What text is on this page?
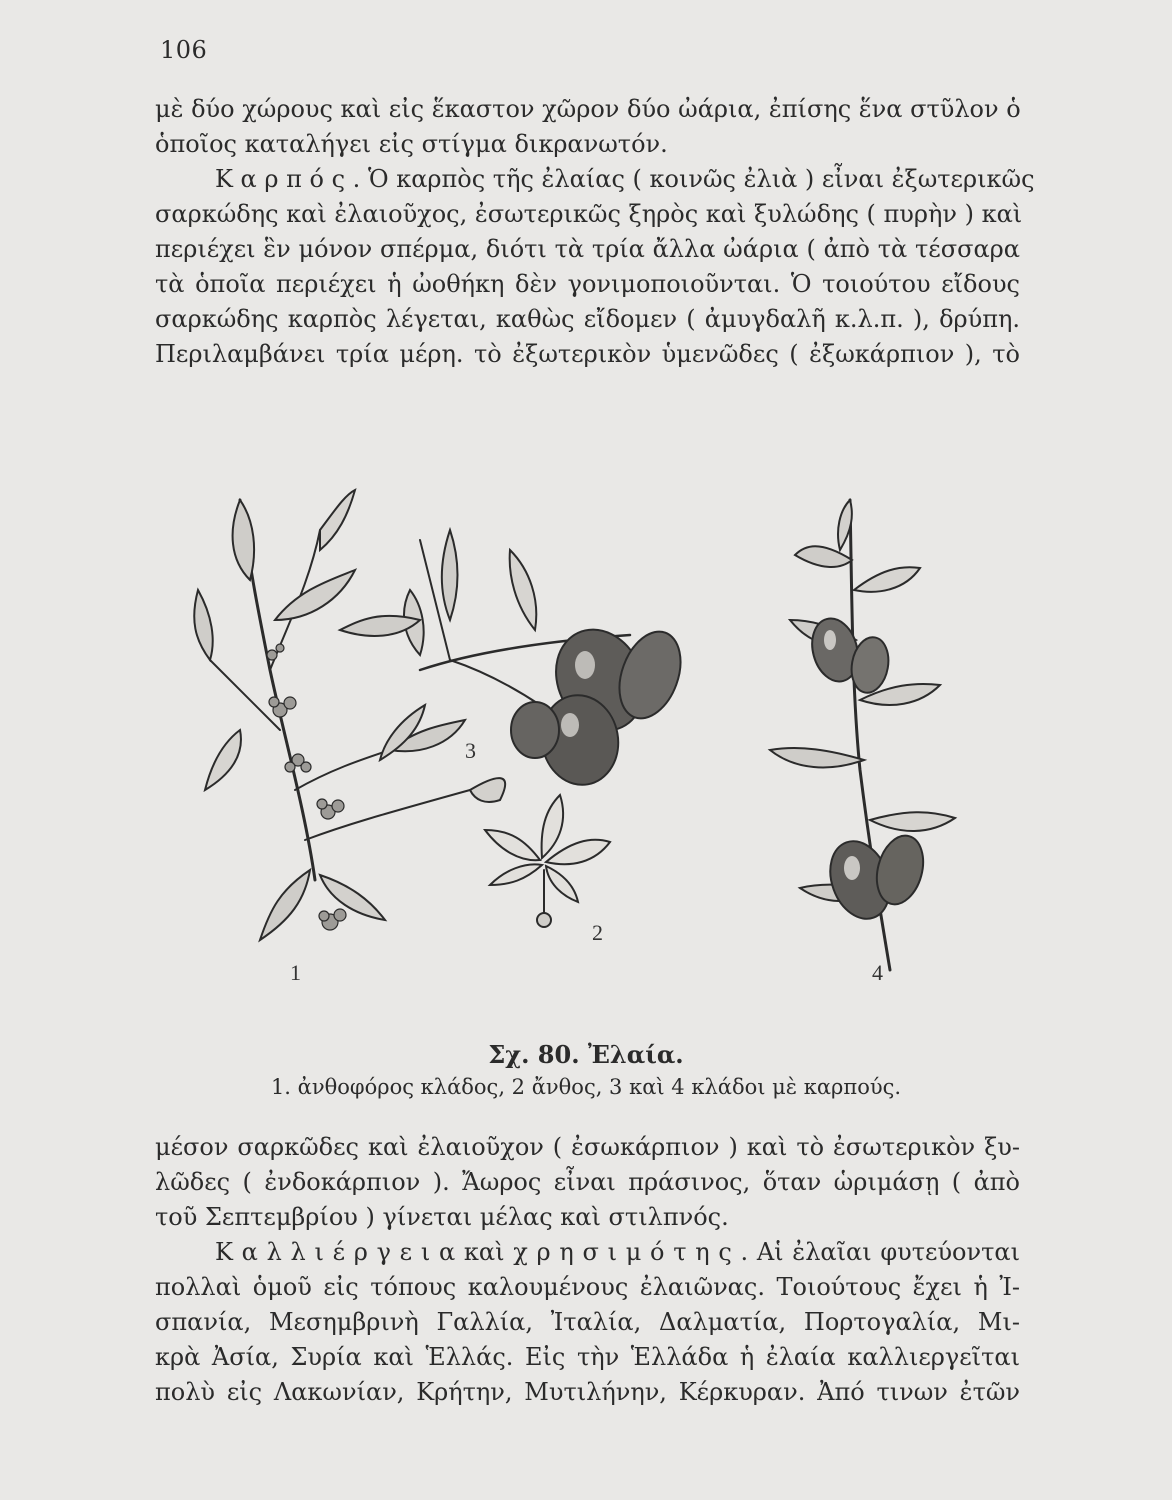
106
μὲ δύο χώρους καὶ εἰς ἕκαστον χῶρον δύο ὠάρια, ἐπίσης ἕνα στῦλον ὁ
ὁποῖος καταλήγει εἰς στίγμα δικρανωτόν.
Κ α ρ π ό ς . Ὁ καρπὸς τῆς ἐλαίας ( κοινῶς ἐλιὰ ) εἶναι ἐξωτερικῶς
σαρκώδης καὶ ἐλαιοῦχος, ἐσωτερικῶς ξηρὸς καὶ ξυλώδης ( πυρὴν ) καὶ
περιέχει ἓν μόνον σπέρμα, διότι τὰ τρία ἄλλα ὠάρια ( ἀπὸ τὰ τέσσαρα
τὰ ὁποῖα περιέχει ἡ ὠοθήκη δὲν γονιμοποιοῦνται. Ὁ τοιούτου εἴδους
σαρκώδης καρπὸς λέγεται, καθὼς εἴδομεν ( ἀμυγδαλῆ κ.λ.π. ), δρύπη.
Περιλαμβάνει τρία μέρη. τὸ ἐξωτερικὸν ὑμενῶδες ( ἐξωκάρπιον ), τὸ
1
2
3
4
Σχ. 80. Ἐλαία.
1. ἀνθοφόρος κλάδος, 2 ἄνθος, 3 καὶ 4 κλάδοι μὲ καρπούς.
μέσον σαρκῶδες καὶ ἐλαιοῦχον ( ἐσωκάρπιον ) καὶ τὸ ἐσωτερικὸν ξυ-
λῶδες ( ἐνδοκάρπιον ). Ἄωρος εἶναι πράσινος, ὅταν ὡριμάσῃ ( ἀπὸ
τοῦ Σεπτεμβρίου ) γίνεται μέλας καὶ στιλπνός.
Κ α λ λ ι έ ρ γ ε ι α καὶ χ ρ η σ ι μ ό τ η ς . Αἱ ἐλαῖαι φυτεύονται
πολλαὶ ὁμοῦ εἰς τόπους καλουμένους ἐλαιῶνας. Τοιούτους ἔχει ἡ Ἰ-
σπανία, Μεσημβρινὴ Γαλλία, Ἰταλία, Δαλματία, Πορτογαλία, Μι-
κρὰ Ἀσία, Συρία καὶ Ἑλλάς. Εἰς τὴν Ἑλλάδα ἡ ἐλαία καλλιεργεῖται
πολὺ εἰς Λακωνίαν, Κρήτην, Μυτιλήνην, Κέρκυραν. Ἀπό τινων ἐτῶν
